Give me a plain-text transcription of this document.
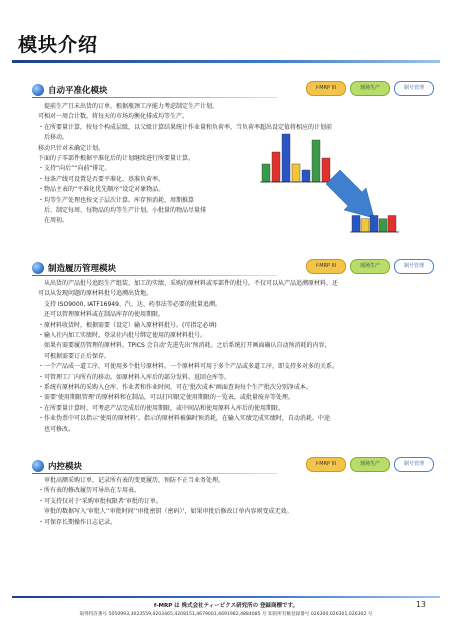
模块介绍
自动平准化模块	f-MRP III	现场生产	制号管理

　提前生产且未出货的订单，根据瓶颈工序能力考虑制定生产计划，

可相对一周合计数，将每天的市场均衡化排成均等生产。

・在所要量计算，按每个构成层级，以父级计算结果统计作业量和负荷率，当负荷率超出设定值将相应的计划前

　后移动。

移动只针对未确定计划。

下面的子零部件根据平准化后的计划继续进行所要量计算。

・支持“向后”“向前”排定。

・每条产线可设置是否要平准化、基准负荷率。

・物品主表的“平准化优先顺序”设定对象物品。

・均等生产处理也按文子层次计算。库存预消耗、周期推算

　后、制定每周、每物品的均等生产计划。小批量的物品尽量排

　在周初。

制造履历管理模块	f-MRP III	现场生产	制号管理

　从出货的产品批号追踪生产组装、加工的实绩、采购的原材料或零部件的批号。不仅可以从产品追溯原材料，还

可以从发现问题的原材料批号追溯出货地。

　支持 ISO9000, IATF16949、汽、达、药事法等必要的批量追溯。

　还可以管理原材料或在制品库存的使用期限。

・原材料收货时，根据需要（设定）输入原材料批号。(可指定必填)

・输入社内加工实绩时，登录社内批号绑定使用的原材料批号。

　如果有需要履历管理的原材料，TPiCS 会自动‘先进先出’预消耗。之后系统打开画面确认自动预消耗的内容，

　可根据需要订正后保存。

・一个产品成一道工序，可使用多个批号原材料。一个原材料可用于多个产品或多道工序，即支持多对多的关系。

・可管理工厂内所有的移动。如原材料入库后的部分发料、返回仓库等。

・系统有原材料的采购入仓库、作业者和作业时间，可在‘批次成本’画面查询每个生产批次分别净成本。

・需要‘使用期限管理’的原材料和在制品，可以打印限定使用期限的一览表，或批量废弃等处理。

・在所要量计算时，可考虑产品完成后的使用期限，或中间品和使用原料入库后的使用期限。

・作业伪票中可以指示‘使用的原材料’。指示的原材料被偏时预消耗，在输入实绩完成实绩时，自动消耗。中途

　也可修改。

内控模块	f-MRP III	现场生产	制号管理

　审批高额采购订单，记录所有表的变更履历，预防不正当业务处理。

・所有表的修改履历可导出在专用表。

・可支持仅对于‘采购审批权限者’审批的订单。

　审批的数据写入‘审批人’‘审批时间’‘审批密钥（密码）’，如果审批后修改订单内容则变成无效。

・可保存长期操作日志记录。

f-MRP は 株式会社ティーピクス研究所の 登録商標です。	13
取得特許番号 5050993,3023559,4203465,4208151,4679001,4691982,4884085 号 知的所有権登録番号 026300,026301,026302 号
